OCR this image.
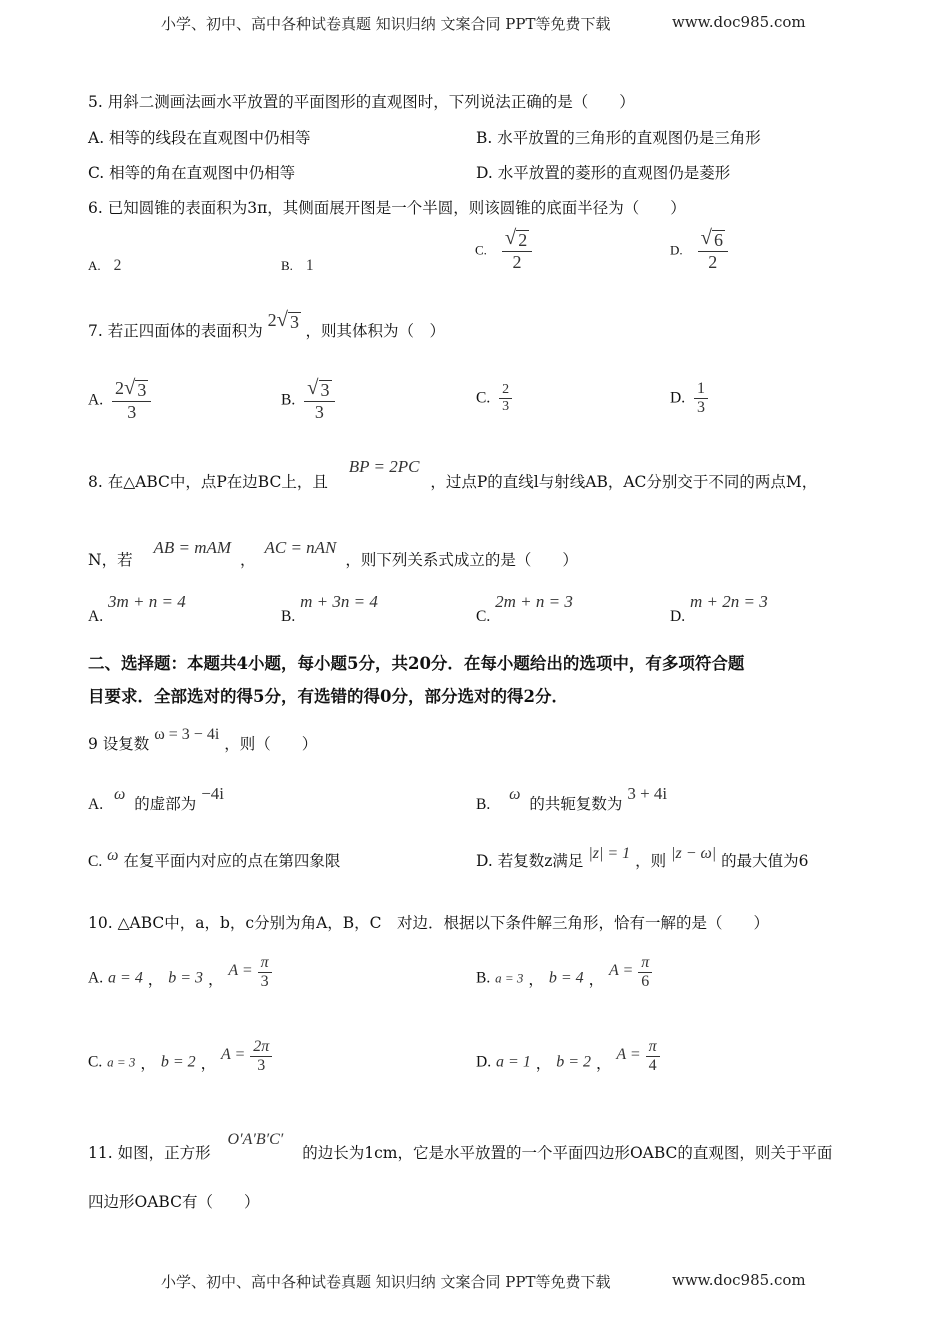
小学、初中、高中各种试卷真题 知识归纳 文案合同 PPT等免费下载	www.doc985.com
5. 用斜二测画法画水平放置的平面图形的直观图时，下列说法正确的是（　　）
A. 相等的线段在直观图中仍相等	B. 水平放置的三角形的直观图仍是三角形
C. 相等的角在直观图中仍相等	D. 水平放置的菱形的直观图仍是菱形
6. 已知圆锥的表面积为3π，其侧面展开图是一个半圆，则该圆锥的底面半径为（　　）
A. 2	B. 1
C. $\frac{√ 2}{2}$	D. $\frac{√ 6}{2}$
7. 若正四面体的表面积为 2 √ 3 ，则其体积为（　）
A. $\frac{2 √ 3}{3}$	B. $\frac{√ 3}{3}$	C. $\frac{2}{3}$	D. $\frac{1}{3}$
8. 在△ABC中，点P在边BC上，且 BP = 2PC ，过点P的直线l与射线AB，AC分别交于不同的两点M，
N，若 AB = mAM ， AC = nAN ，则下列关系式成立的是（　　）
A. 3m + n = 4
B. m + 3n = 4
C. 2m + n = 3
D. m + 2n = 3
二、选择题：本题共4小题，每小题5分，共20分．在每小题给出的选项中，有多项符合题
目要求．全部选对的得5分，有选错的得0分，部分选对的得2分．
9 设复数 ω = 3 − 4i ，则（　　）
A. ω 的虚部为 −4i
B. ω 的共轭复数为 3 + 4i
C. ω 在复平面内对应的点在第四象限	D. 若复数z满足 |z| = 1 ，则 |z − ω| 的最大值为6
10. △ABC中，a，b，c分别为角A，B，C　对边．根据以下条件解三角形，恰有一解的是（　　）
A. a = 4 ， b = 3 ， $A = \frac{\pi}{3}$	B. a = 3 ， b = 4 ， $A = \frac{\pi}{6}$
C. a = 3 ， b = 2 ， $A = \frac{2\pi}{3}$	D. a = 1 ， b = 2 ， $A = \frac{\pi}{4}$
11. 如图，正方形 O′A′B′C′ 的边长为1cm，它是水平放置的一个平面四边形OABC的直观图，则关于平面
四边形OABC有（　　）
小学、初中、高中各种试卷真题 知识归纳 文案合同 PPT等免费下载	www.doc985.com
